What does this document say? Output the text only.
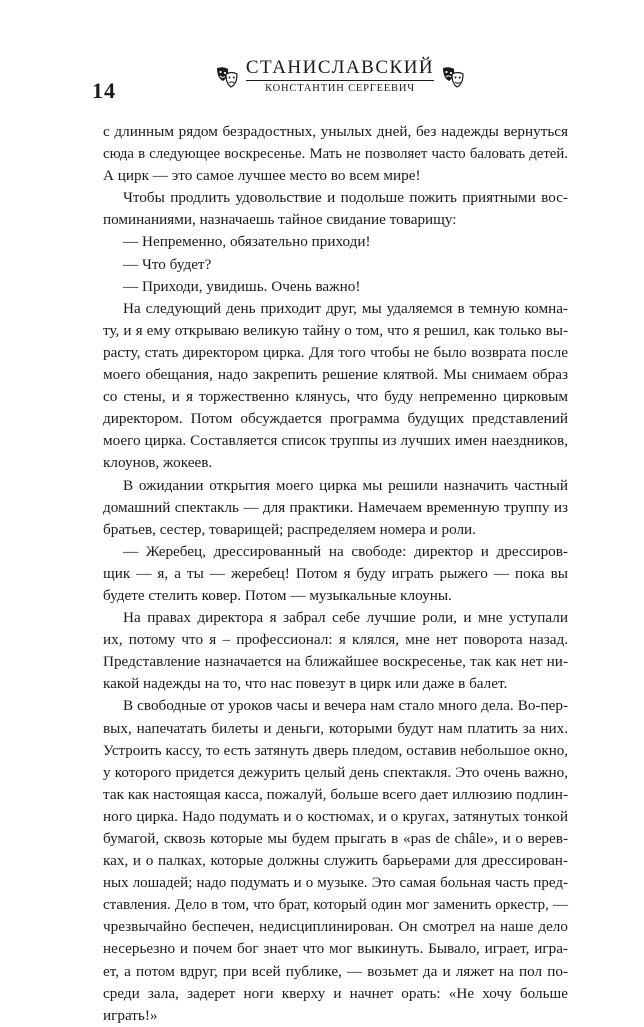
14
СТАНИСЛАВСКИЙ
КОНСТАНТИН СЕРГЕЕВИЧ
с длинным рядом безрадостных, унылых дней, без надежды вернуться
сюда в следующее воскресенье. Мать не позволяет часто баловать детей.
А цирк — это самое лучшее место во всем мире!
Чтобы продлить удовольствие и подольше пожить приятными вос-
поминаниями, назначаешь тайное свидание товарищу:
— Непременно, обязательно приходи!
— Что будет?
— Приходи, увидишь. Очень важно!
На следующий день приходит друг, мы удаляемся в темную комна-
ту, и я ему открываю великую тайну о том, что я решил, как только вы-
расту, стать директором цирка. Для того чтобы не было возврата после
моего обещания, надо закрепить решение клятвой. Мы снимаем образ
со стены, и я торжественно клянусь, что буду непременно цирковым
директором. Потом обсуждается программа будущих представлений
моего цирка. Составляется список труппы из лучших имен наездников,
клоунов, жокеев.
В ожидании открытия моего цирка мы решили назначить частный
домашний спектакль — для практики. Намечаем временную труппу из
братьев, сестер, товарищей; распределяем номера и роли.
— Жеребец, дрессированный на свободе: директор и дрессиров-
щик — я, а ты — жеребец! Потом я буду играть рыжего — пока вы
будете стелить ковер. Потом — музыкальные клоуны.
На правах директора я забрал себе лучшие роли, и мне уступали
их, потому что я – профессионал: я клялся, мне нет поворота назад.
Представление назначается на ближайшее воскресенье, так как нет ни-
какой надежды на то, что нас повезут в цирк или даже в балет.
В свободные от уроков часы и вечера нам стало много дела. Во-пер-
вых, напечатать билеты и деньги, которыми будут нам платить за них.
Устроить кассу, то есть затянуть дверь пледом, оставив небольшое окно,
у которого придется дежурить целый день спектакля. Это очень важно,
так как настоящая касса, пожалуй, больше всего дает иллюзию подлин-
ного цирка. Надо подумать и о костюмах, и о кругах, затянутых тонкой
бумагой, сквозь которые мы будем прыгать в «pas de châle», и о верев-
ках, и о палках, которые должны служить барьерами для дрессирован-
ных лошадей; надо подумать и о музыке. Это самая больная часть пред-
ставления. Дело в том, что брат, который один мог заменить оркестр, —
чрезвычайно беспечен, недисциплинирован. Он смотрел на наше дело
несерьезно и почем бог знает что мог выкинуть. Бывало, играет, игра-
ет, а потом вдруг, при всей публике, — возьмет да и ляжет на пол по-
среди зала, задерет ноги кверху и начнет орать: «Не хочу больше
играть!»
